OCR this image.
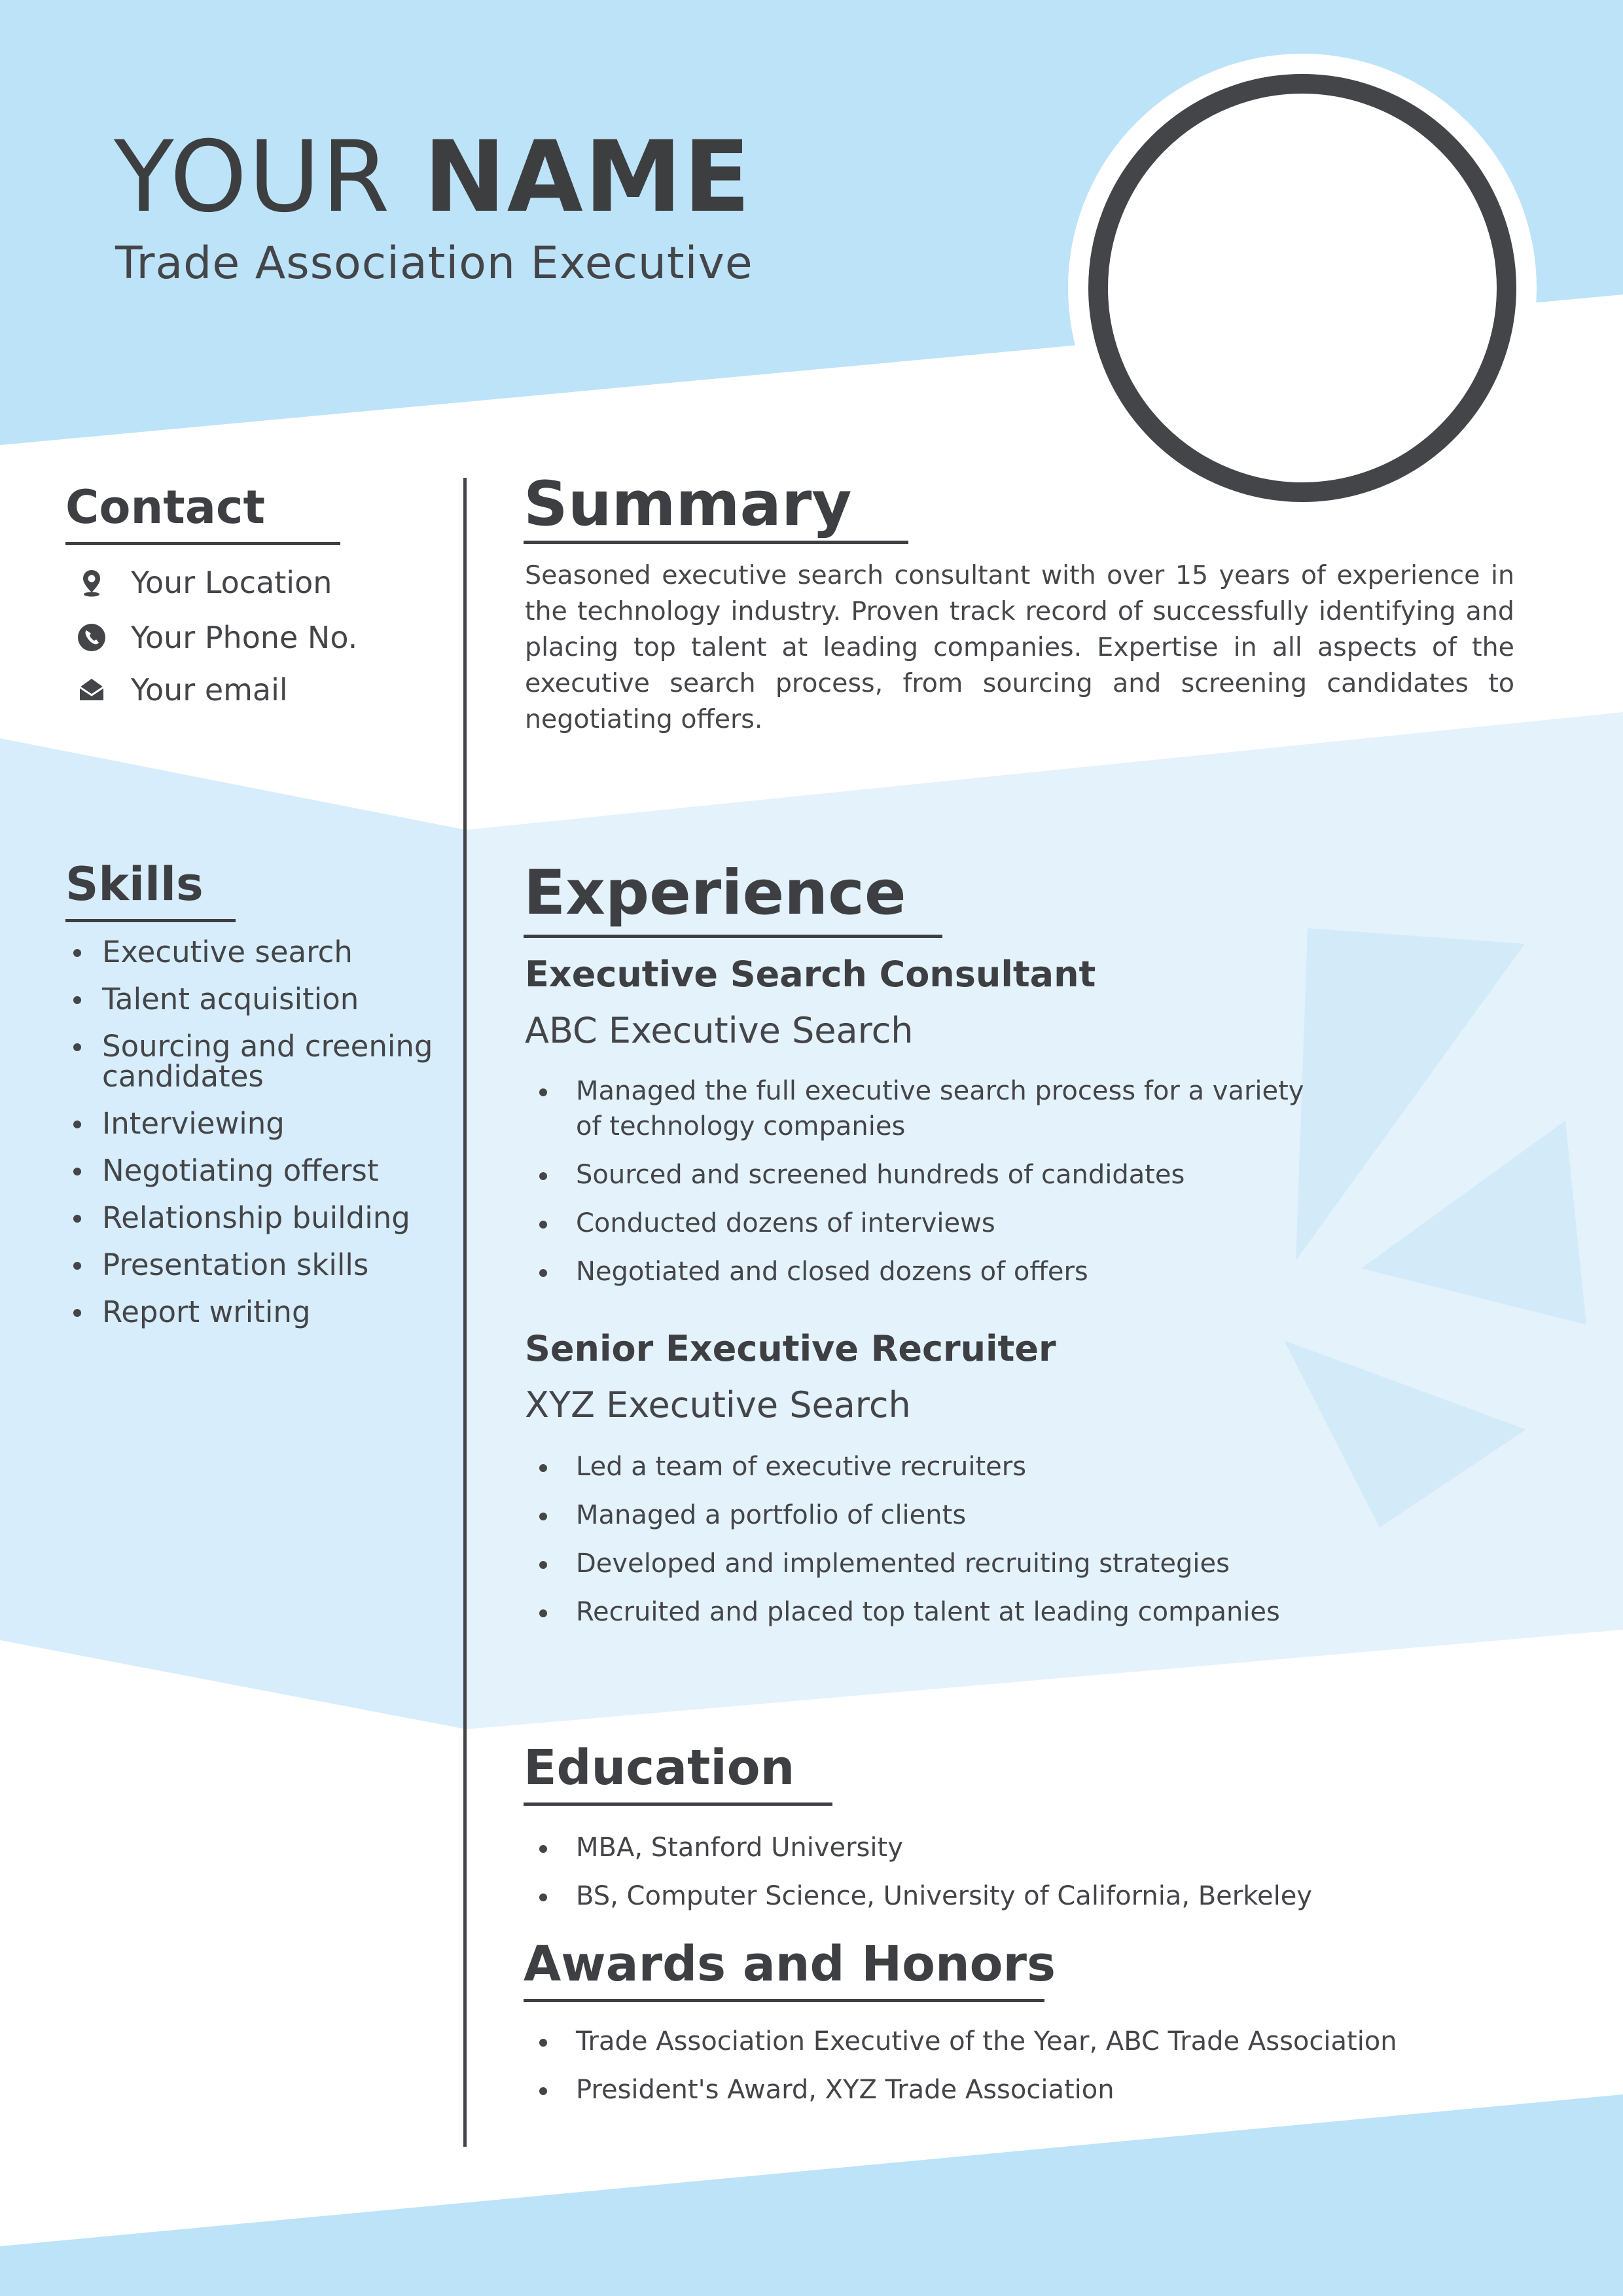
YOUR NAME
Trade Association Executive
Contact
Your Location
Your Phone No.
Your email
Skills
Executive search
Talent acquisition
Sourcing and creening candidates
Interviewing
Negotiating offerst
Relationship building
Presentation skills
Report writing
Summary

Seasoned executive search consultant with over 15 years of experience in the technology industry. Proven track record of successfully identifying and placing top talent at leading companies. Expertise in all aspects of the executive search process, from sourcing and screening candidates to negotiating offers.

Experience
Executive Search Consultant
ABC Executive Search
Managed the full executive search process for a variety of technology companies
Sourced and screened hundreds of candidates
Conducted dozens of interviews
Negotiated and closed dozens of offers
Senior Executive Recruiter
XYZ Executive Search
Led a team of executive recruiters
Managed a portfolio of clients
Developed and implemented recruiting strategies
Recruited and placed top talent at leading companies
Education
MBA, Stanford University
BS, Computer Science, University of California, Berkeley
Awards and Honors
Trade Association Executive of the Year, ABC Trade Association
President's Award, XYZ Trade Association
